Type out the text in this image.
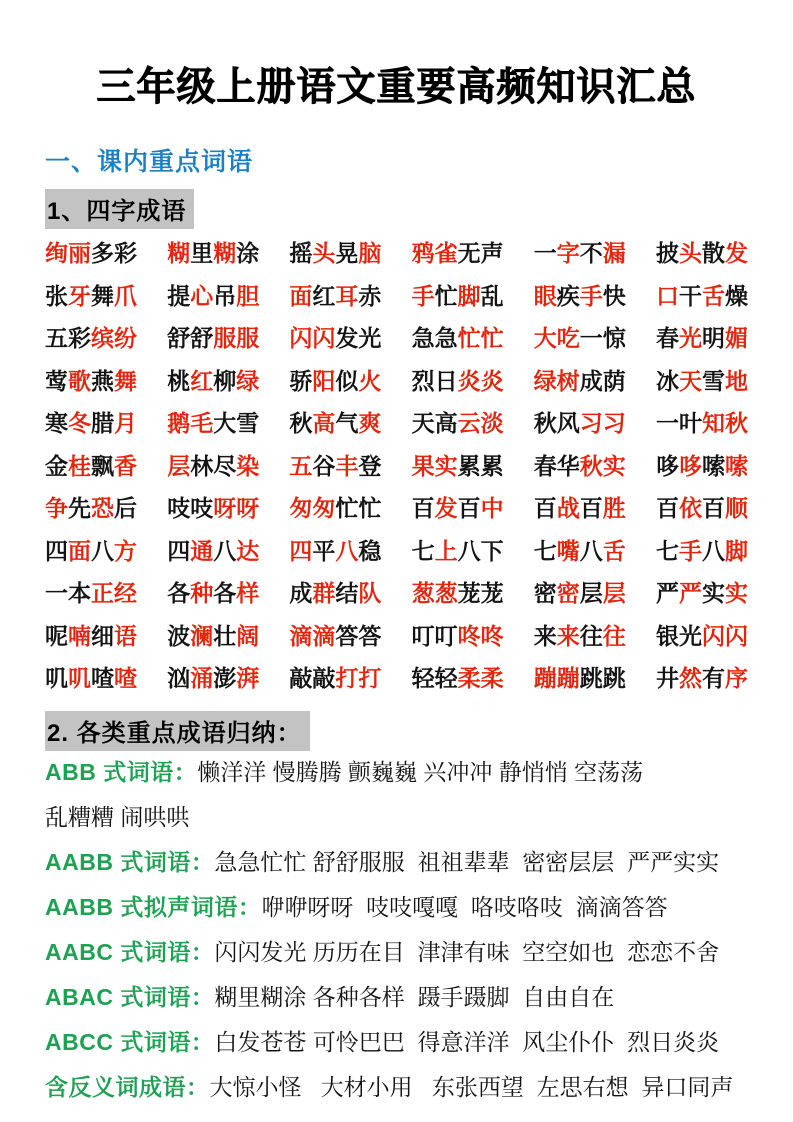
三年级上册语文重要高频知识汇总
一、课内重点词语
1、四字成语
绚丽多彩 糊里糊涂 摇头晃脑 鸦雀无声 一字不漏 披头散发
张牙舞爪 提心吊胆 面红耳赤 手忙脚乱 眼疾手快 口干舌燥
五彩缤纷 舒舒服服 闪闪发光 急急忙忙 大吃一惊 春光明媚
莺歌燕舞 桃红柳绿 骄阳似火 烈日炎炎 绿树成荫 冰天雪地
寒冬腊月 鹅毛大雪 秋高气爽 天高云淡 秋风习习 一叶知秋
金桂飘香 层林尽染 五谷丰登 果实累累 春华秋实 哆哆嗦嗦
争先恐后 吱吱呀呀 匆匆忙忙 百发百中 百战百胜 百依百顺
四面八方 四通八达 四平八稳 七上八下 七嘴八舌 七手八脚
一本正经 各种各样 成群结队 葱葱茏茏 密密层层 严严实实
呢喃细语 波澜壮阔 滴滴答答 叮叮咚咚 来来往往 银光闪闪
叽叽喳喳 汹涌澎湃 敲敲打打 轻轻柔柔 蹦蹦跳跳 井然有序
2. 各类重点成语归纳：
ABB 式词语：懒洋洋 慢腾腾 颤巍巍 兴冲冲 静悄悄 空荡荡
乱糟糟 闹哄哄
AABB 式词语：急急忙忙 舒舒服服  祖祖辈辈  密密层层  严严实实
AABB 式拟声词语：咿咿呀呀  吱吱嘎嘎  咯吱咯吱  滴滴答答
AABC 式词语：闪闪发光 历历在目  津津有味  空空如也  恋恋不舍
ABAC 式词语：糊里糊涂 各种各样  蹑手蹑脚  自由自在
ABCC 式词语：白发苍苍 可怜巴巴  得意洋洋  风尘仆仆  烈日炎炎
含反义词成语：大惊小怪   大材小用   东张西望  左思右想  异口同声
